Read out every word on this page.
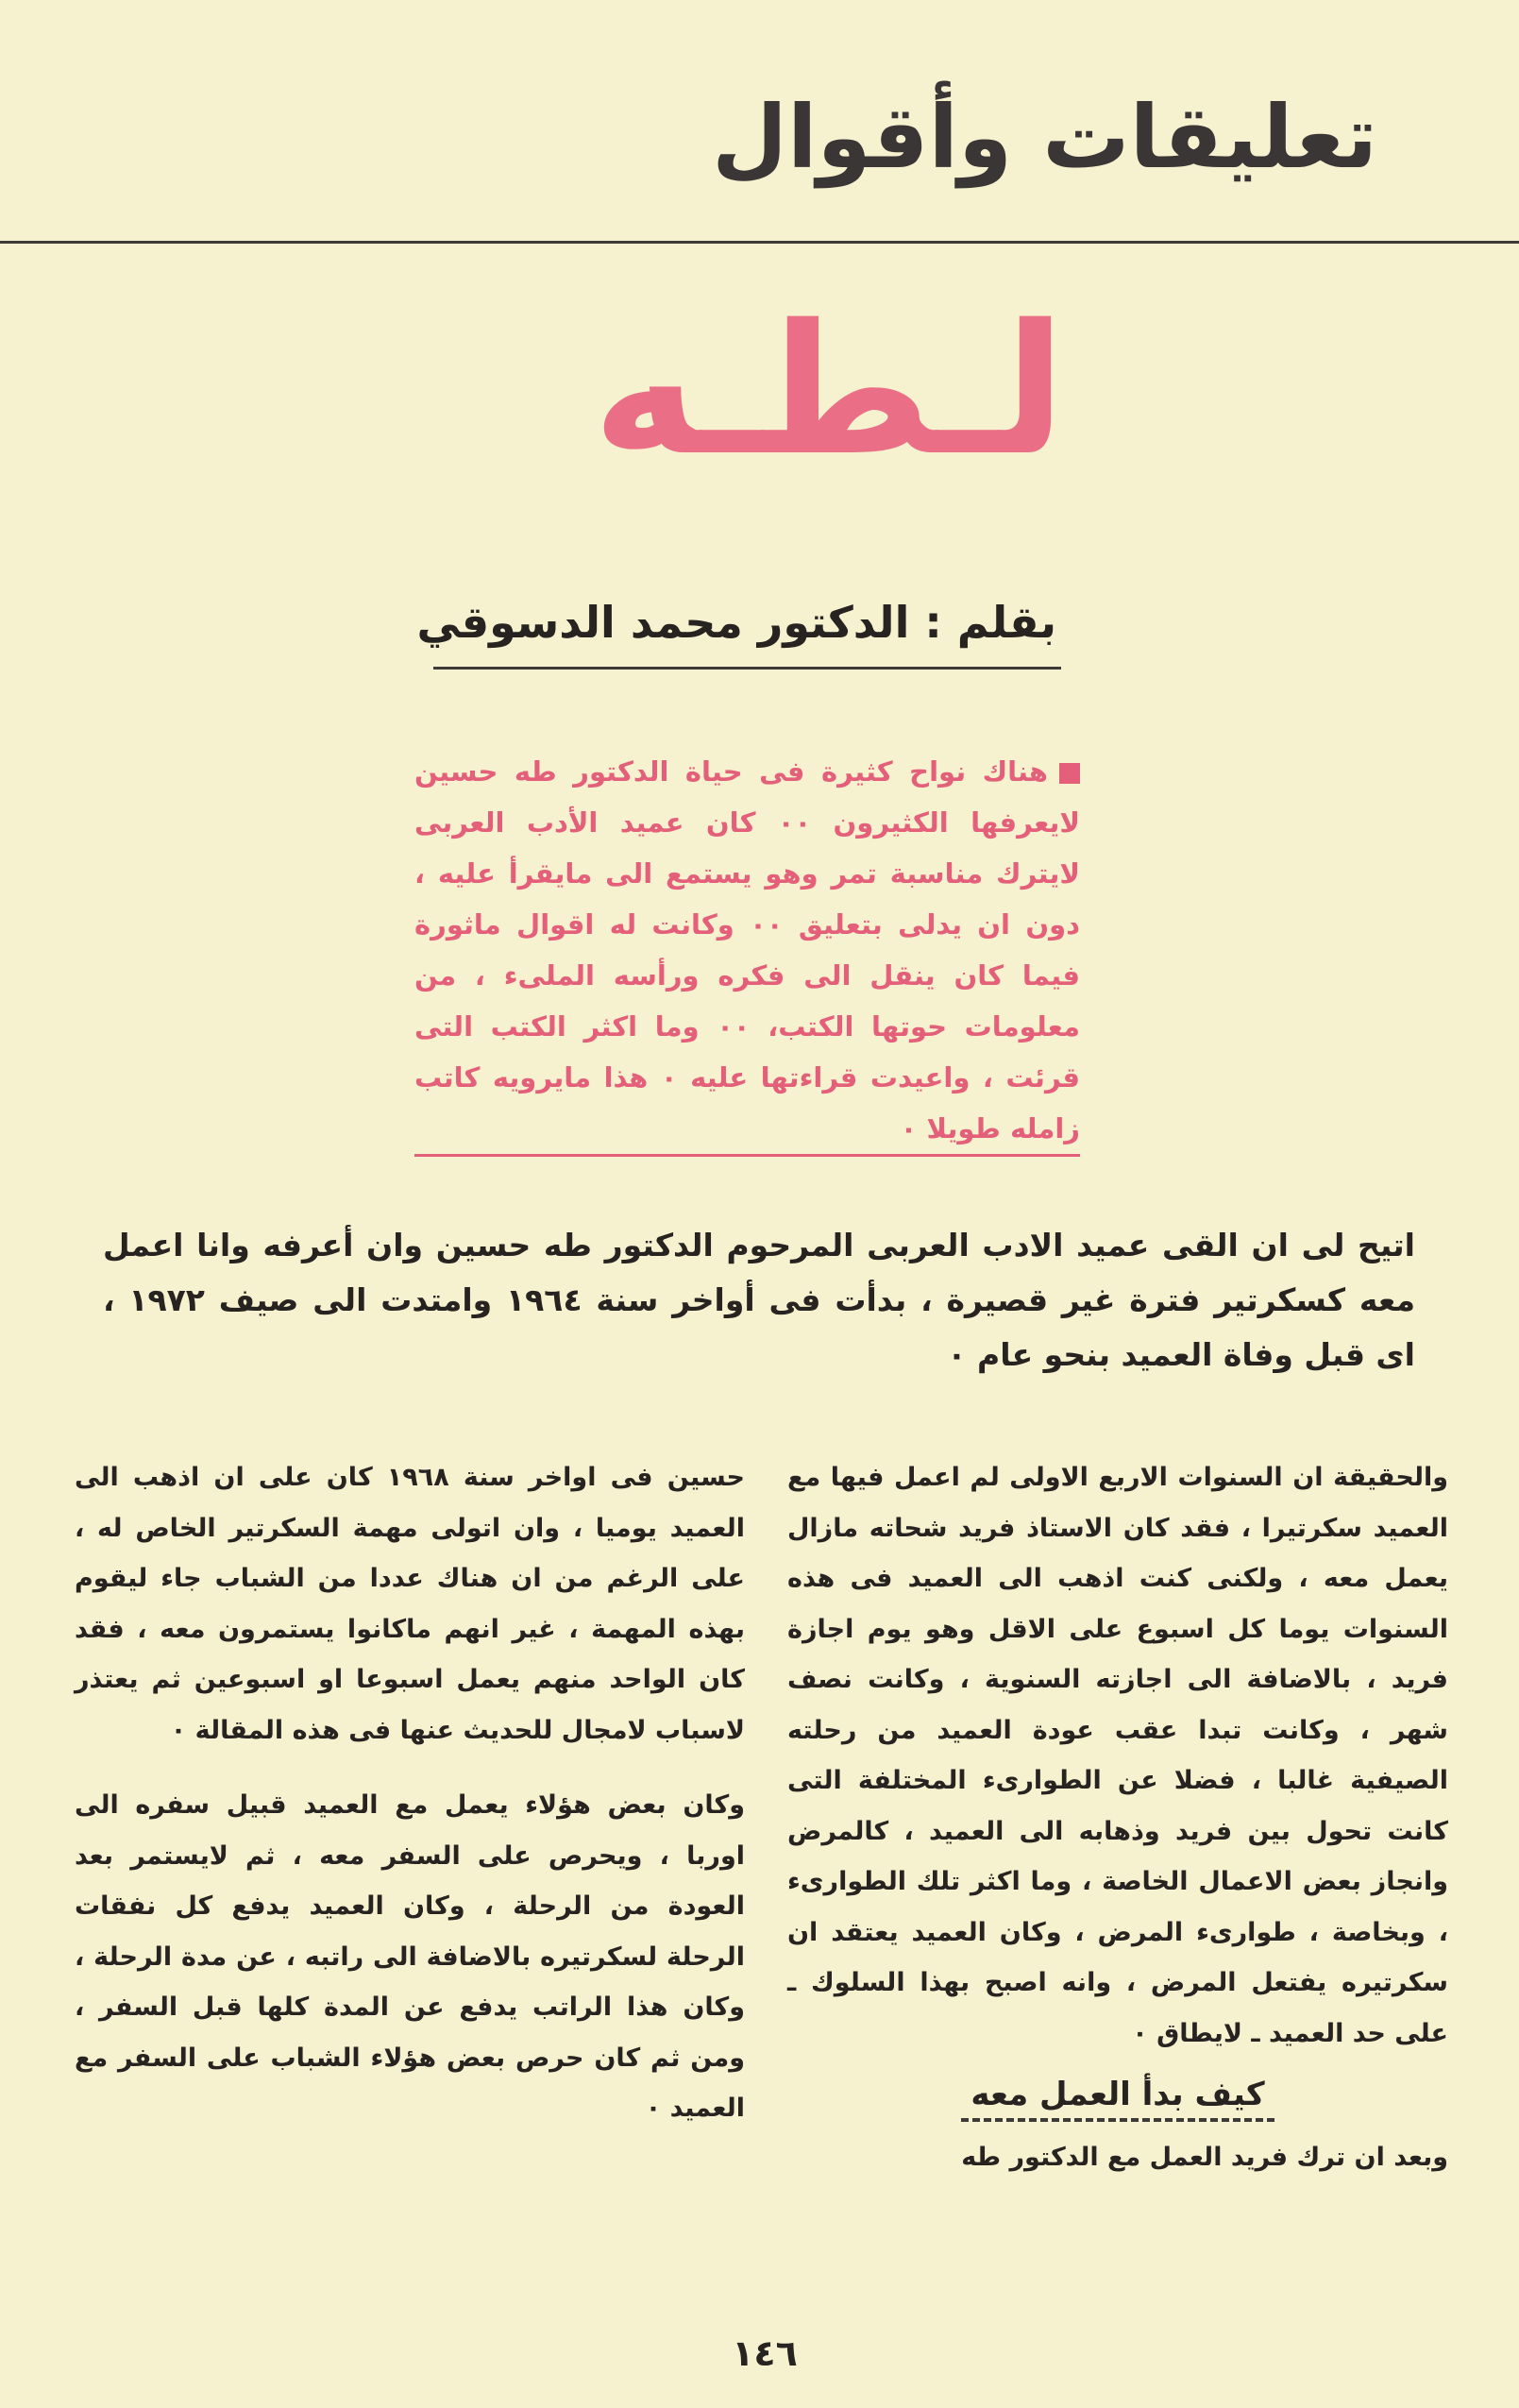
تعليقات وأقوال
لـطـه
بقلم : الدكتور محمد الدسوقي
هناك نواح كثيرة فى حياة الدكتور طه حسين لايعرفها الكثيرون ٠٠ كان عميد الأدب العربى لايترك مناسبة تمر وهو يستمع الى مايقرأ عليه ، دون ان يدلى بتعليق ٠٠ وكانت له اقوال ماثورة فيما كان ينقل الى فكره ورأسه الملىء ، من معلومات حوتها الكتب، ٠٠ وما اكثر الكتب التى قرئت ، واعيدت قراءتها عليه ٠ هذا مايرويه كاتب زامله طويلا ٠
اتيح لى ان القى عميد الادب العربى المرحوم الدكتور طه حسين وان أعرفه وانا اعمل معه كسكرتير فترة غير قصيرة ، بدأت فى أواخر سنة ١٩٦٤ وامتدت الى صيف ١٩٧٢ ، اى قبل وفاة العميد بنحو عام ٠

والحقيقة ان السنوات الاربع الاولى لم اعمل فيها مع العميد سكرتيرا ، فقد كان الاستاذ فريد شحاته مازال يعمل معه ، ولكنى كنت اذهب الى العميد فى هذه السنوات يوما كل اسبوع على الاقل وهو يوم اجازة فريد ، بالاضافة الى اجازته السنوية ، وكانت نصف شهر ، وكانت تبدا عقب عودة العميد من رحلته الصيفية غالبا ، فضلا عن الطوارىء المختلفة التى كانت تحول بين فريد وذهابه الى العميد ، كالمرض وانجاز بعض الاعمال الخاصة ، وما اكثر تلك الطوارىء ، وبخاصة ، طوارىء المرض ، وكان العميد يعتقد ان سكرتيره يفتعل المرض ، وانه اصبح بهذا السلوك ـ على حد العميد ـ لايطاق ٠

كيف بدأ العمل معه

وبعد ان ترك فريد العمل مع الدكتور طه

حسين فى اواخر سنة ١٩٦٨ كان على ان اذهب الى العميد يوميا ، وان اتولى مهمة السكرتير الخاص له ، على الرغم من ان هناك عددا من الشباب جاء ليقوم بهذه المهمة ، غير انهم ماكانوا يستمرون معه ، فقد كان الواحد منهم يعمل اسبوعا او اسبوعين ثم يعتذر لاسباب لامجال للحديث عنها فى هذه المقالة ٠

وكان بعض هؤلاء يعمل مع العميد قبيل سفره الى اوربا ، ويحرص على السفر معه ، ثم لايستمر بعد العودة من الرحلة ، وكان العميد يدفع كل نفقات الرحلة لسكرتيره بالاضافة الى راتبه ، عن مدة الرحلة ، وكان هذا الراتب يدفع عن المدة كلها قبل السفر ، ومن ثم كان حرص بعض هؤلاء الشباب على السفر مع العميد ٠

١٤٦
